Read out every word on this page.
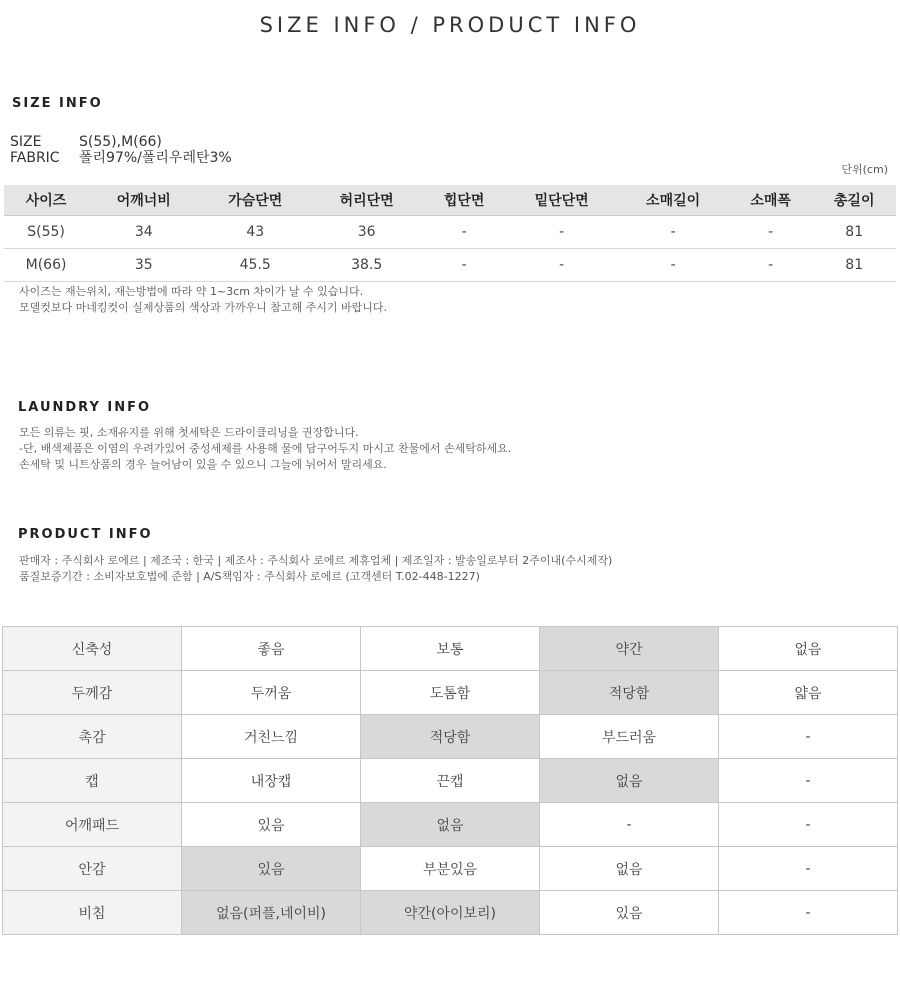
SIZE INFO / PRODUCT INFO
SIZE INFO
SIZE	S(55),M(66)
FABRIC 폴리97%/폴리우레탄3%
단위(cm)
사이즈	어깨너비	가슴단면	허리단면	힙단면	밑단단면	소매길이	소매폭	총길이
S(55)	34	43	36	-	-	-	-	81
M(66)	35	45.5	38.5	-	-	-	-	81
사이즈는 재는위치, 재는방법에 따라 약 1~3cm 차이가 날 수 있습니다.
모델컷보다 마네킹컷이 실제상품의 색상과 가까우니 참고해 주시기 바랍니다.
LAUNDRY INFO
모든 의류는 핏, 소재유지를 위해 첫세탁은 드라이클리닝을 권장합니다.
-단, 배색제품은 이염의 우려가있어 중성세제를 사용해 물에 담구어두지 마시고 찬물에서 손세탁하세요.
손세탁 및 니트상품의 경우 늘어남이 있을 수 있으니 그늘에 뉘어서 말리세요.
PRODUCT INFO
판매자 : 주식회사 로에르 | 제조국 : 한국 | 제조사 : 주식회사 로에르 제휴업체 | 제조일자 : 발송일로부터 2주이내(수시제작)
품질보증기간 : 소비자보호법에 준함 | A/S책임자 : 주식회사 로에르 (고객센터 T.02-448-1227)
신축성	좋음	보통	약간	없음
두께감	두꺼움	도톰함	적당함	얇음
촉감	거친느낌	적당함	부드러움	-
캡	내장캡	끈캡	없음	-
어깨패드	있음	없음	-	-
안감	있음	부분있음	없음	-
비침	없음(퍼플,네이비)	약간(아이보리)	있음	-
